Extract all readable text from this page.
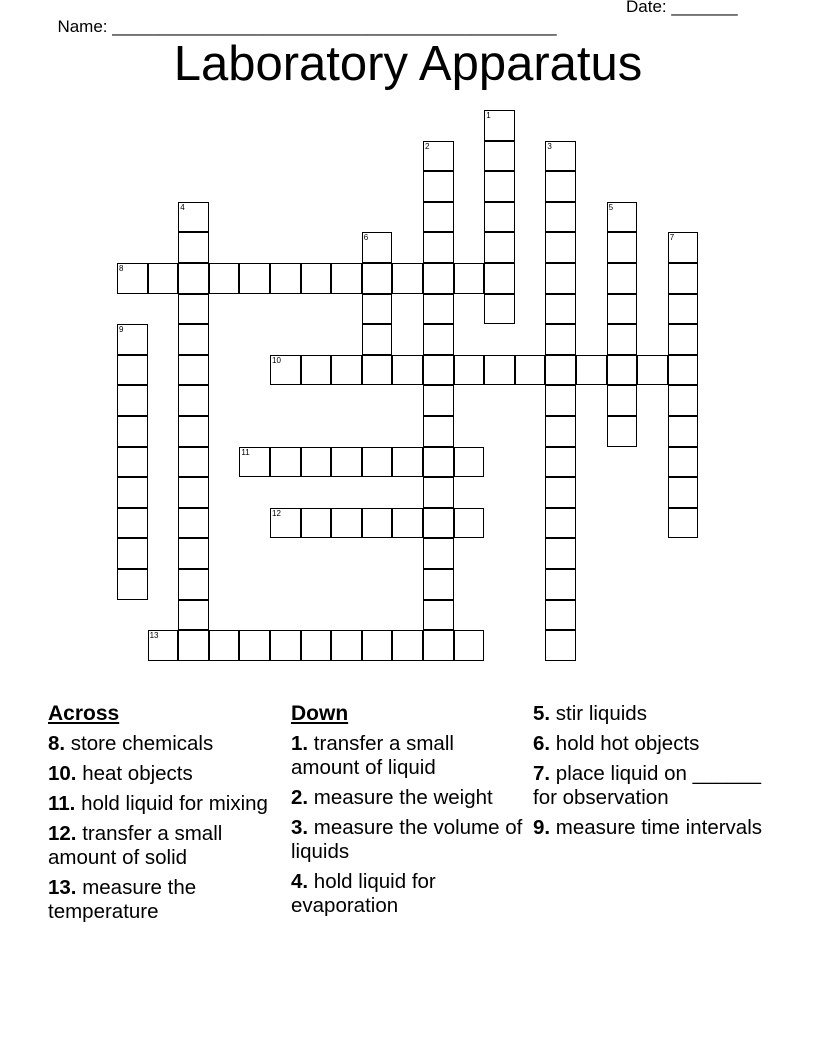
Name: _______________________________________________

Date: _______

Laboratory Apparatus
8
10
11
12
13
1
2	3
4	5
6	7
9
Across
8. store chemicals
10. heat objects
11. hold liquid for mixing
12. transfer a small amount of solid
13. measure the temperature
Down
1. transfer a small amount of liquid
2. measure the weight
3. measure the volume of liquids
4. hold liquid for evaporation
5. stir liquids
6. hold hot objects
7. place liquid on ______ for observation
9. measure time intervals
